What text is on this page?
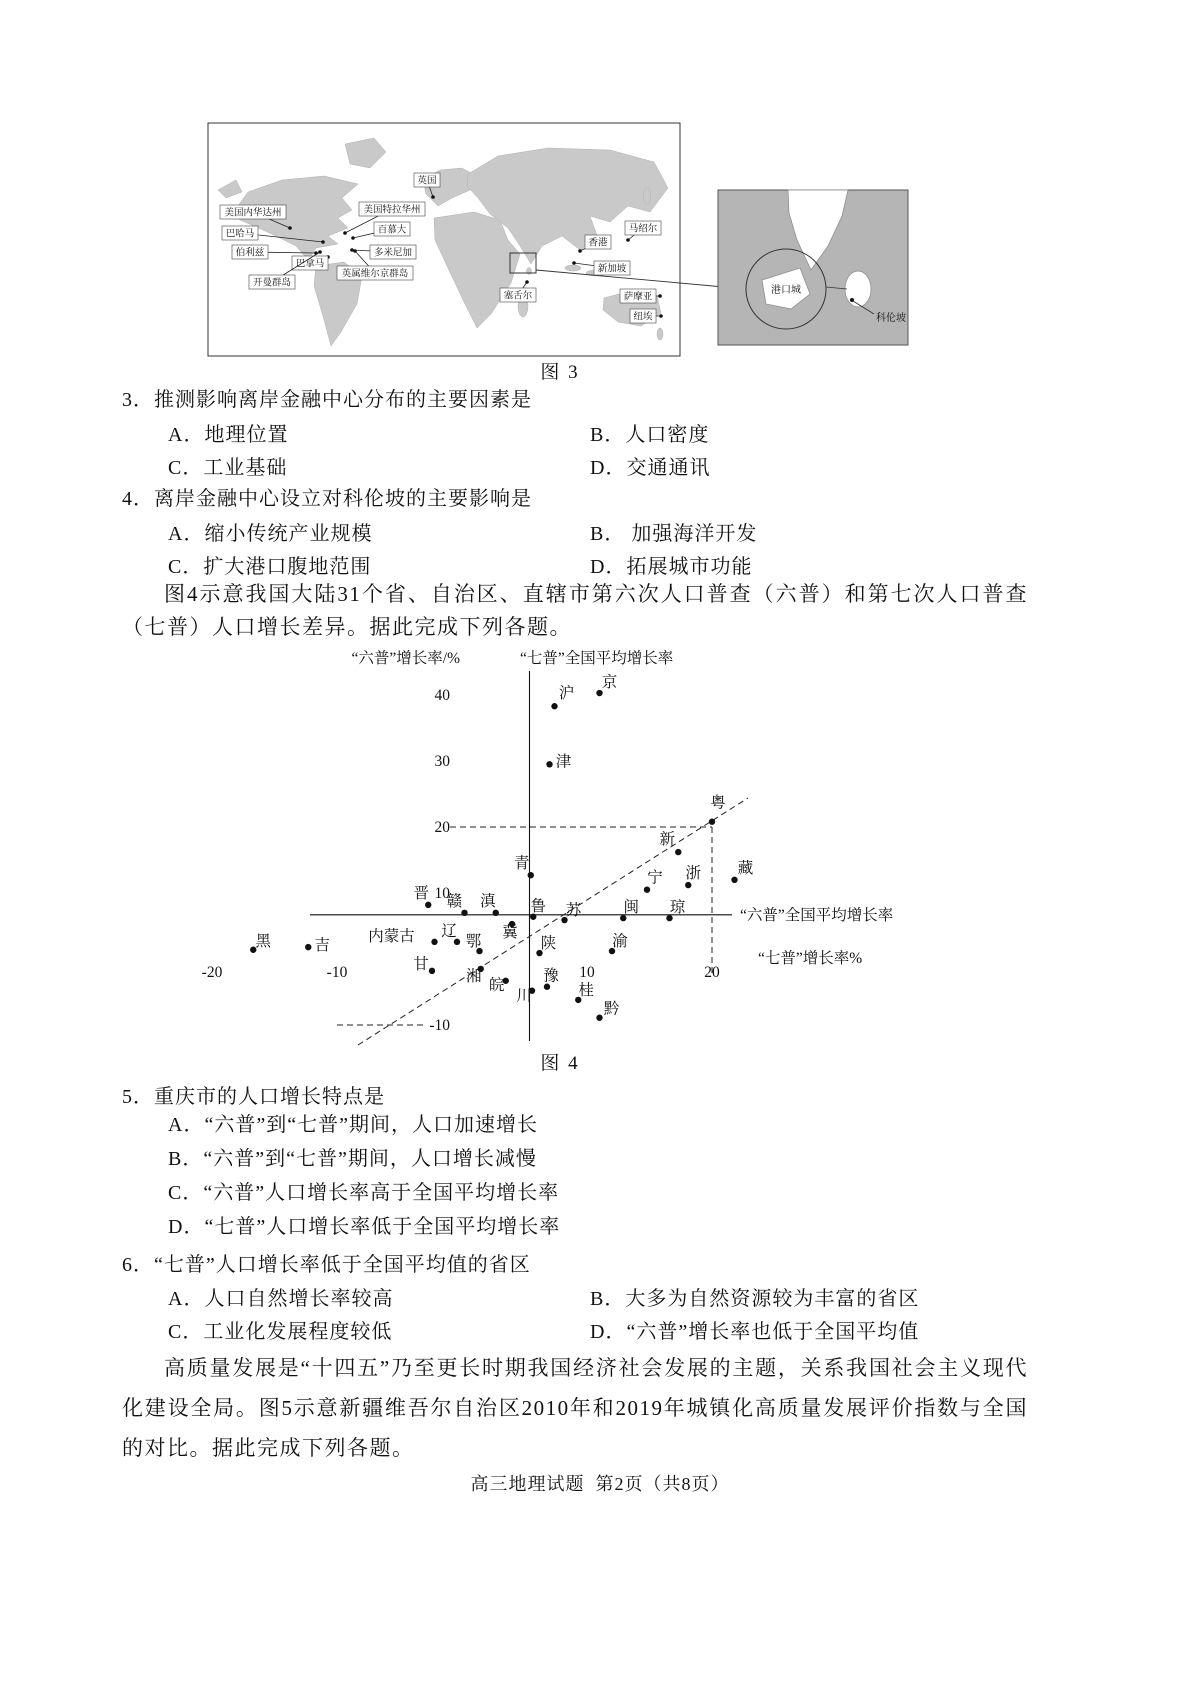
港口城
科伦坡
英国
美国内华达州	美国特拉华州
巴哈马	百慕大
伯利兹	多米尼加
巴拿马
英属维尔京群岛
开曼群岛
香港
新加坡
马绍尔
塞舌尔	萨摩亚
纽埃
图 3
3．推测影响离岸金融中心分布的主要因素是
A．地理位置	B．人口密度
C．工业基础	D．交通通讯
4．离岸金融中心设立对科伦坡的主要影响是
A．缩小传统产业规模	B． 加强海洋开发
C．扩大港口腹地范围	D．拓展城市功能
图4示意我国大陆31个省、自治区、直辖市第六次人口普查（六普）和第七次人口普查（七普）人口增长差异。据此完成下列各题。
“六普”增长率/%	“七普”全国平均增长率
“六普”全国平均增长率
“七普”增长率%
-20	-10	10	20
40
30
20
10
-10
京
沪
津
粤
新
藏
浙
宁
青
晋 赣 滇 鲁 苏	闽 琼
黑	吉
内蒙古 辽
鄂
冀
陕	渝
甘
湘
皖
川
豫
桂
黔
图 4
5．重庆市的人口增长特点是
A．“六普”到“七普”期间，人口加速增长
B．“六普”到“七普”期间，人口增长减慢
C．“六普”人口增长率高于全国平均增长率
D．“七普”人口增长率低于全国平均增长率
6．“七普”人口增长率低于全国平均值的省区
A．人口自然增长率较高	B．大多为自然资源较为丰富的省区
C．工业化发展程度较低	D．“六普”增长率也低于全国平均值
高质量发展是“十四五”乃至更长时期我国经济社会发展的主题，关系我国社会主义现代化建设全局。图5示意新疆维吾尔自治区2010年和2019年城镇化高质量发展评价指数与全国的对比。据此完成下列各题。
高三地理试题  第2页（共8页）
